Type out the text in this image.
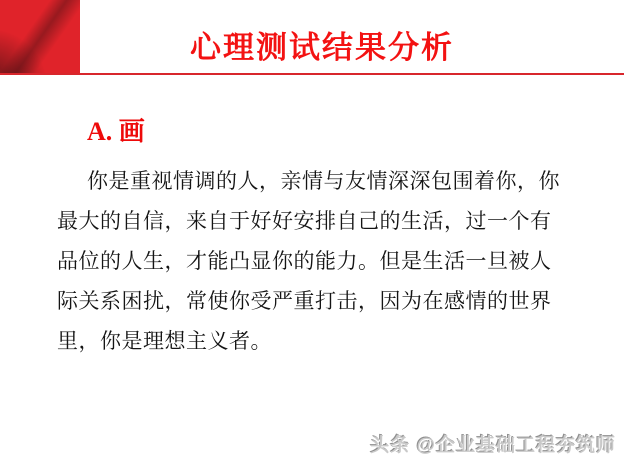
心理测试结果分析
A. 画
你是重视情调的人，亲情与友情深深包围着你，你
最大的自信，来自于好好安排自己的生活，过一个有
品位的人生，才能凸显你的能力。但是生活一旦被人
际关系困扰，常使你受严重打击，因为在感情的世界
里，你是理想主义者。
头条 @企业基础工程夯筑师
